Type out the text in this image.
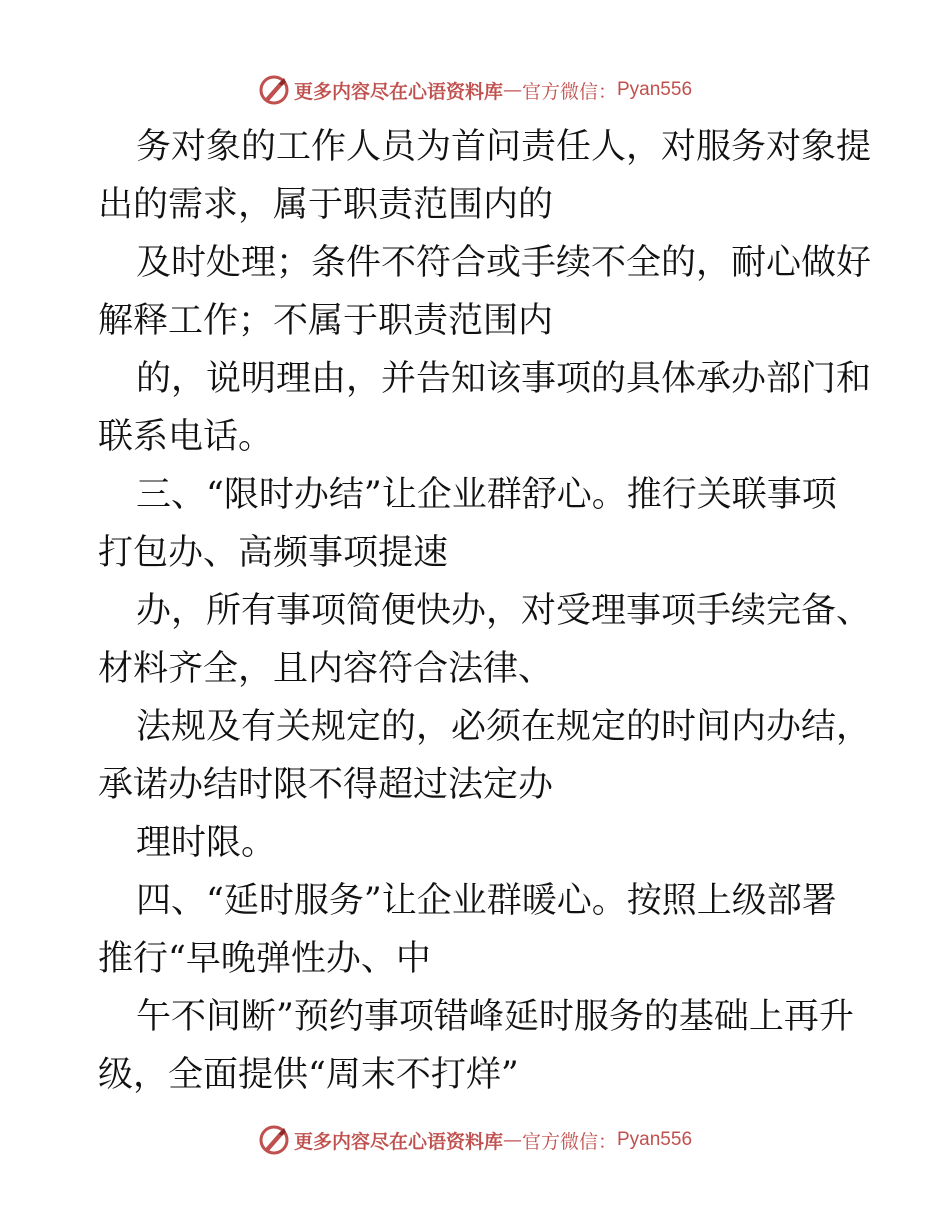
更多内容尽在心语资料库 — 官方微信： Pyan556
务对象的工作人员为首问责任人，对服务对象提
出的需求，属于职责范围内的
及时处理；条件不符合或手续不全的，耐心做好
解释工作；不属于职责范围内
的，说明理由，并告知该事项的具体承办部门和
联系电话。
三、“限时办结”让企业群舒心。推行关联事项
打包办、高频事项提速
办，所有事项简便快办，对受理事项手续完备、
材料齐全，且内容符合法律、
法规及有关规定的，必须在规定的时间内办结，
承诺办结时限不得超过法定办
理时限。
四、“延时服务”让企业群暖心。按照上级部署
推行“早晚弹性办、中
午不间断”预约事项错峰延时服务的基础上再升
级，全面提供“周末不打烊”
更多内容尽在心语资料库 — 官方微信： Pyan556
